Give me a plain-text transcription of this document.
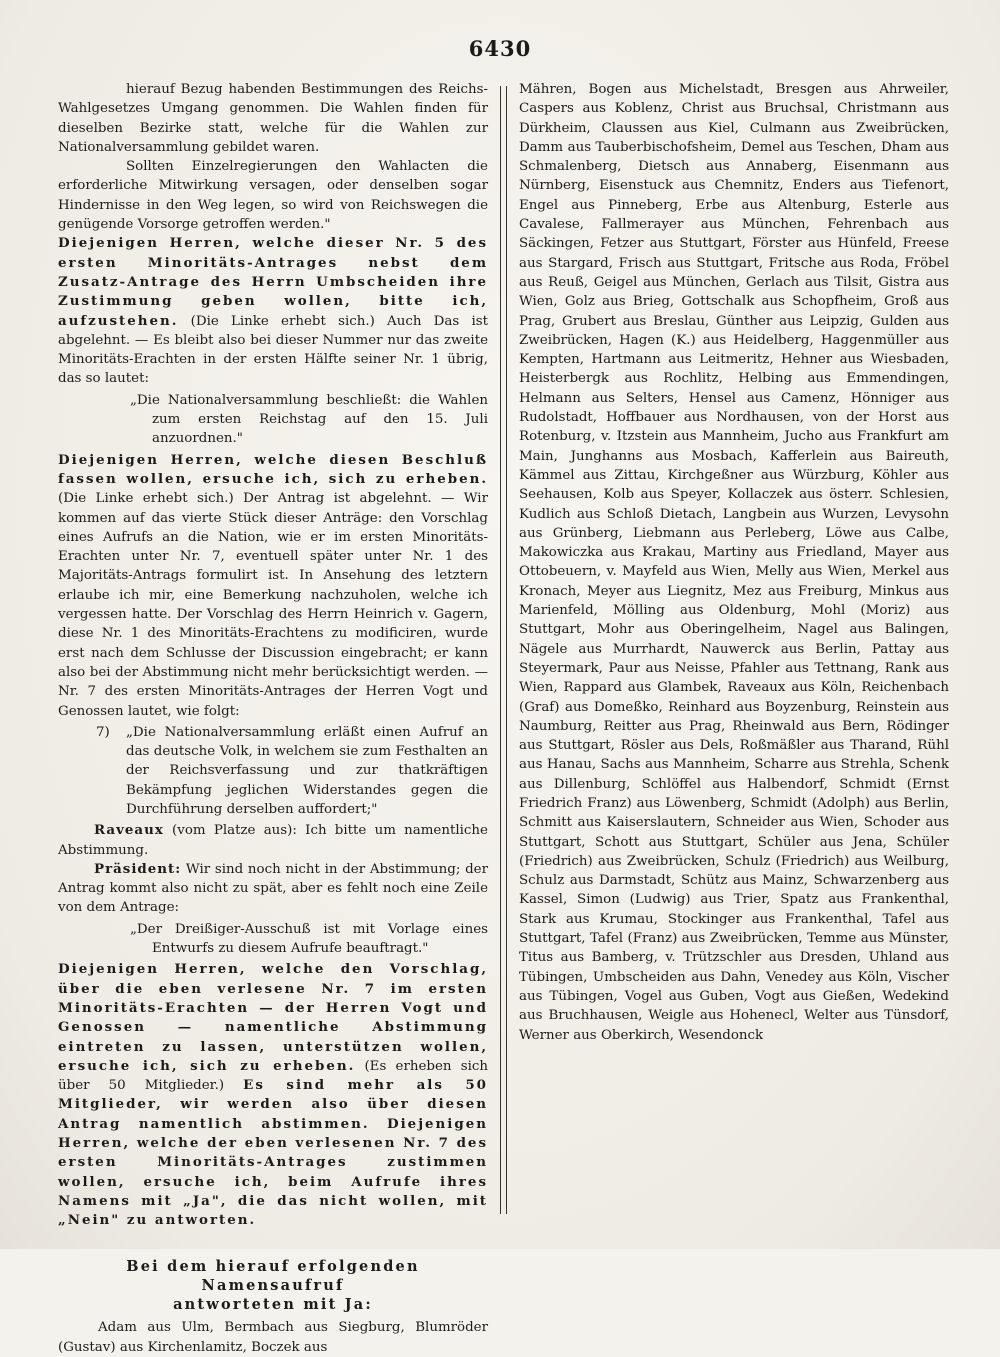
6430

hierauf Bezug habenden Bestimmungen des Reichs-Wahlgesetzes Umgang genommen. Die Wahlen finden für dieselben Bezirke statt, welche für die Wahlen zur Nationalversammlung gebildet waren.

Sollten Einzelregierungen den Wahlacten die erforderliche Mitwirkung versagen, oder denselben sogar Hindernisse in den Weg legen, so wird von Reichswegen die genügende Vorsorge getroffen werden."

Diejenigen Herren, welche dieser Nr. 5 des ersten Minoritäts-Antrages nebst dem Zusatz-Antrage des Herrn Umbscheiden ihre Zustimmung geben wollen, bitte ich, aufzustehen. (Die Linke erhebt sich.) Auch Das ist abgelehnt. — Es bleibt also bei dieser Nummer nur das zweite Minoritäts-Erachten in der ersten Hälfte seiner Nr. 1 übrig, das so lautet:

„Die Nationalversammlung beschließt: die Wahlen zum ersten Reichstag auf den 15. Juli anzuordnen."

Diejenigen Herren, welche diesen Beschluß fassen wollen, ersuche ich, sich zu erheben. (Die Linke erhebt sich.) Der Antrag ist abgelehnt. — Wir kommen auf das vierte Stück dieser Anträge: den Vorschlag eines Aufrufs an die Nation, wie er im ersten Minoritäts-Erachten unter Nr. 7, eventuell später unter Nr. 1 des Majoritäts-Antrags formulirt ist. In Ansehung des letztern erlaube ich mir, eine Bemerkung nachzuholen, welche ich vergessen hatte. Der Vorschlag des Herrn Heinrich v. Gagern, diese Nr. 1 des Minoritäts-Erachtens zu modificiren, wurde erst nach dem Schlusse der Discussion eingebracht; er kann also bei der Abstimmung nicht mehr berücksichtigt werden. — Nr. 7 des ersten Minoritäts-Antrages der Herren Vogt und Genossen lautet, wie folgt:

7)	„Die Nationalversammlung erläßt einen Aufruf an das deutsche Volk, in welchem sie zum Festhalten an der Reichsverfassung und zur thatkräftigen Bekämpfung jeglichen Widerstandes gegen die Durchführung derselben auffordert;"

Raveaux (vom Platze aus): Ich bitte um namentliche Abstimmung.

Präsident: Wir sind noch nicht in der Abstimmung; der Antrag kommt also nicht zu spät, aber es fehlt noch eine Zeile von dem Antrage:

„Der Dreißiger-Ausschuß ist mit Vorlage eines Entwurfs zu diesem Aufrufe beauftragt."

Diejenigen Herren, welche den Vorschlag, über die eben verlesene Nr. 7 im ersten Minoritäts-Erachten — der Herren Vogt und Genossen — namentliche Abstimmung eintreten zu lassen, unterstützen wollen, ersuche ich, sich zu erheben. (Es erheben sich über 50 Mitglieder.) Es sind mehr als 50 Mitglieder, wir werden also über diesen Antrag namentlich abstimmen. Diejenigen Herren, welche der eben verlesenen Nr. 7 des ersten Minoritäts-Antrages zustimmen wollen, ersuche ich, beim Aufrufe ihres Namens mit „Ja", die das nicht wollen, mit „Nein" zu antworten.

Bei dem hierauf erfolgenden Namensaufruf

antworteten mit Ja:

Adam aus Ulm, Bermbach aus Siegburg, Blumröder (Gustav) aus Kirchenlamitz, Boczek aus

Mähren, Bogen aus Michelstadt, Bresgen aus Ahrweiler, Caspers aus Koblenz, Christ aus Bruchsal, Christmann aus Dürkheim, Claussen aus Kiel, Culmann aus Zweibrücken, Damm aus Tauberbischofsheim, Demel aus Teschen, Dham aus Schmalenberg, Dietsch aus Annaberg, Eisenmann aus Nürnberg, Eisenstuck aus Chemnitz, Enders aus Tiefenort, Engel aus Pinneberg, Erbe aus Altenburg, Esterle aus Cavalese, Fallmerayer aus München, Fehrenbach aus Säckingen, Fetzer aus Stuttgart, Förster aus Hünfeld, Freese aus Stargard, Frisch aus Stuttgart, Fritsche aus Roda, Fröbel aus Reuß, Geigel aus München, Gerlach aus Tilsit, Gistra aus Wien, Golz aus Brieg, Gottschalk aus Schopfheim, Groß aus Prag, Grubert aus Breslau, Günther aus Leipzig, Gulden aus Zweibrücken, Hagen (K.) aus Heidelberg, Haggenmüller aus Kempten, Hartmann aus Leitmeritz, Hehner aus Wiesbaden, Heisterbergk aus Rochlitz, Helbing aus Emmendingen, Helmann aus Selters, Hensel aus Camenz, Hönniger aus Rudolstadt, Hoffbauer aus Nordhausen, von der Horst aus Rotenburg, v. Itzstein aus Mannheim, Jucho aus Frankfurt am Main, Junghanns aus Mosbach, Kafferlein aus Baireuth, Kämmel aus Zittau, Kirchgeßner aus Würzburg, Köhler aus Seehausen, Kolb aus Speyer, Kollaczek aus österr. Schlesien, Kudlich aus Schloß Dietach, Langbein aus Wurzen, Levysohn aus Grünberg, Liebmann aus Perleberg, Löwe aus Calbe, Makowiczka aus Krakau, Martiny aus Friedland, Mayer aus Ottobeuern, v. Mayfeld aus Wien, Melly aus Wien, Merkel aus Kronach, Meyer aus Liegnitz, Mez aus Freiburg, Minkus aus Marienfeld, Mölling aus Oldenburg, Mohl (Moriz) aus Stuttgart, Mohr aus Oberingelheim, Nagel aus Balingen, Nägele aus Murrhardt, Nauwerck aus Berlin, Pattay aus Steyermark, Paur aus Neisse, Pfahler aus Tettnang, Rank aus Wien, Rappard aus Glambek, Raveaux aus Köln, Reichenbach (Graf) aus Domeßko, Reinhard aus Boyzenburg, Reinstein aus Naumburg, Reitter aus Prag, Rheinwald aus Bern, Rödinger aus Stuttgart, Rösler aus Dels, Roßmäßler aus Tharand, Rühl aus Hanau, Sachs aus Mannheim, Scharre aus Strehla, Schenk aus Dillenburg, Schlöffel aus Halbendorf, Schmidt (Ernst Friedrich Franz) aus Löwenberg, Schmidt (Adolph) aus Berlin, Schmitt aus Kaiserslautern, Schneider aus Wien, Schoder aus Stuttgart, Schott aus Stuttgart, Schüler aus Jena, Schüler (Friedrich) aus Zweibrücken, Schulz (Friedrich) aus Weilburg, Schulz aus Darmstadt, Schütz aus Mainz, Schwarzenberg aus Kassel, Simon (Ludwig) aus Trier, Spatz aus Frankenthal, Stark aus Krumau, Stockinger aus Frankenthal, Tafel aus Stuttgart, Tafel (Franz) aus Zweibrücken, Temme aus Münster, Titus aus Bamberg, v. Trützschler aus Dresden, Uhland aus Tübingen, Umbscheiden aus Dahn, Venedey aus Köln, Vischer aus Tübingen, Vogel aus Guben, Vogt aus Gießen, Wedekind aus Bruchhausen, Weigle aus Hohenecl, Welter aus Tünsdorf, Werner aus Oberkirch, Wesendonck
